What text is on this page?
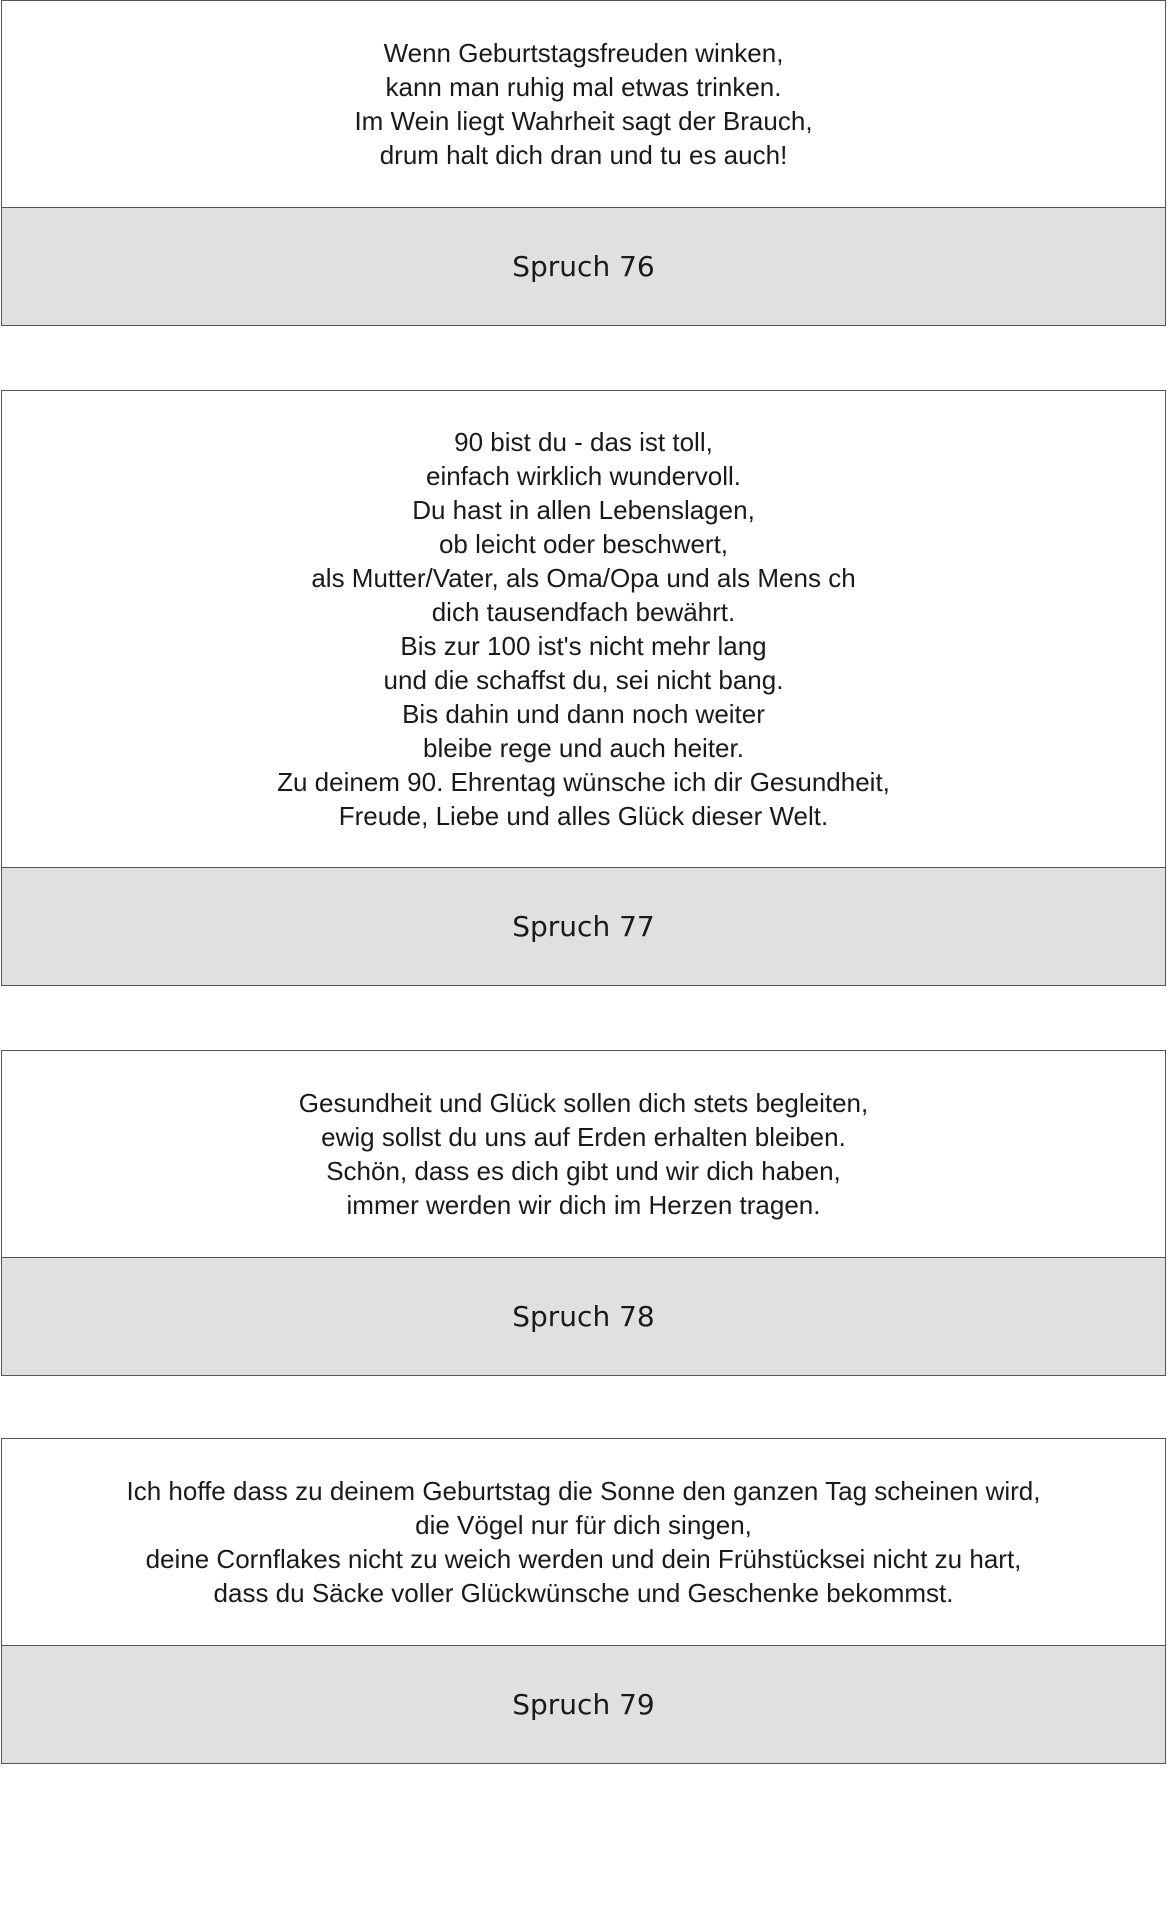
Wenn Geburtstagsfreuden winken,
kann man ruhig mal etwas trinken.
Im Wein liegt Wahrheit sagt der Brauch,
drum halt dich dran und tu es auch!
Spruch 76
90 bist du - das ist toll,
einfach wirklich wundervoll.
Du hast in allen Lebenslagen,
ob leicht oder beschwert,
als Mutter/Vater, als Oma/Opa und als Mens ch
dich tausendfach bewährt.
Bis zur 100 ist's nicht mehr lang
und die schaffst du, sei nicht bang.
Bis dahin und dann noch weiter
bleibe rege und auch heiter.
Zu deinem 90. Ehrentag wünsche ich dir Gesundheit,
Freude, Liebe und alles Glück dieser Welt.
Spruch 77
Gesundheit und Glück sollen dich stets begleiten,
ewig sollst du uns auf Erden erhalten bleiben.
Schön, dass es dich gibt und wir dich haben,
immer werden wir dich im Herzen tragen.
Spruch 78
Ich hoffe dass zu deinem Geburtstag die Sonne den ganzen Tag scheinen wird,
die Vögel nur für dich singen,
deine Cornflakes nicht zu weich werden und dein Frühstücksei nicht zu hart,
dass du Säcke voller Glückwünsche und Geschenke bekommst.
Spruch 79
